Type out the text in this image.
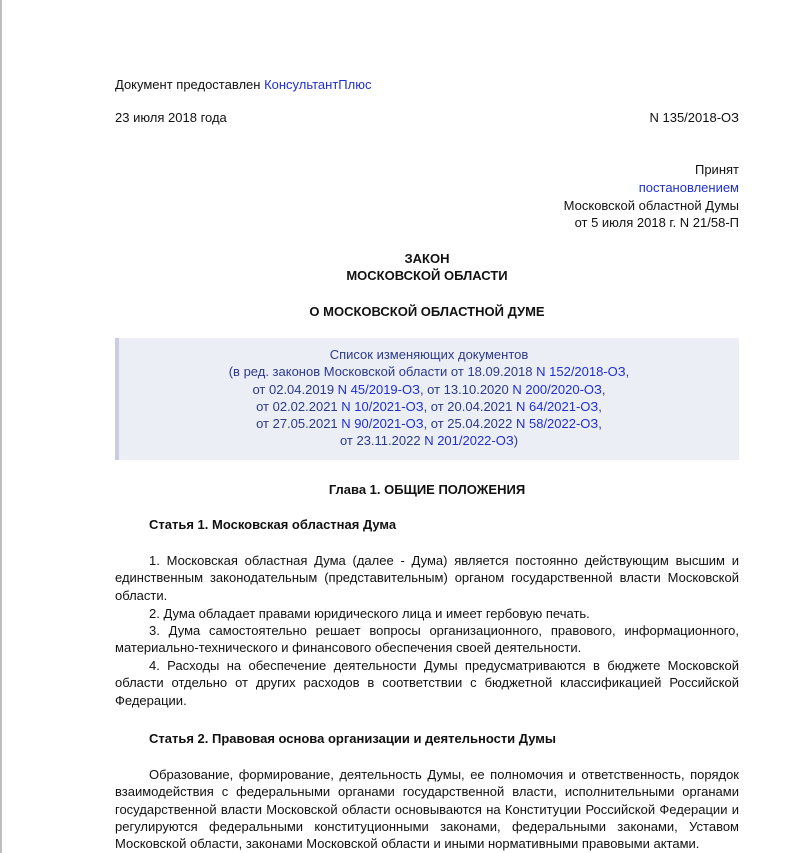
Документ предоставлен КонсультантПлюс
23 июля 2018 года	N 135/2018-ОЗ
Принят
постановлением
Московской областной Думы
от 5 июля 2018 г. N 21/58-П
ЗАКОН
МОСКОВСКОЙ ОБЛАСТИ
О МОСКОВСКОЙ ОБЛАСТНОЙ ДУМЕ
Список изменяющих документов
(в ред. законов Московской области от 18.09.2018 N 152/2018-ОЗ,
от 02.04.2019 N 45/2019-ОЗ, от 13.10.2020 N 200/2020-ОЗ,
от 02.02.2021 N 10/2021-ОЗ, от 20.04.2021 N 64/2021-ОЗ,
от 27.05.2021 N 90/2021-ОЗ, от 25.04.2022 N 58/2022-ОЗ,
от 23.11.2022 N 201/2022-ОЗ)
Глава 1. ОБЩИЕ ПОЛОЖЕНИЯ
Статья 1. Московская областная Дума
1. Московская областная Дума (далее - Дума) является постоянно действующим высшим и единственным законодательным (представительным) органом государственной власти Московской области.
2. Дума обладает правами юридического лица и имеет гербовую печать.
3. Дума самостоятельно решает вопросы организационного, правового, информационного, материально-технического и финансового обеспечения своей деятельности.
4. Расходы на обеспечение деятельности Думы предусматриваются в бюджете Московской области отдельно от других расходов в соответствии с бюджетной классификацией Российской Федерации.
Статья 2. Правовая основа организации и деятельности Думы
Образование, формирование, деятельность Думы, ее полномочия и ответственность, порядок взаимодействия с федеральными органами государственной власти, исполнительными органами государственной власти Московской области основываются на Конституции Российской Федерации и регулируются федеральными конституционными законами, федеральными законами, Уставом Московской области, законами Московской области и иными нормативными правовыми актами.
